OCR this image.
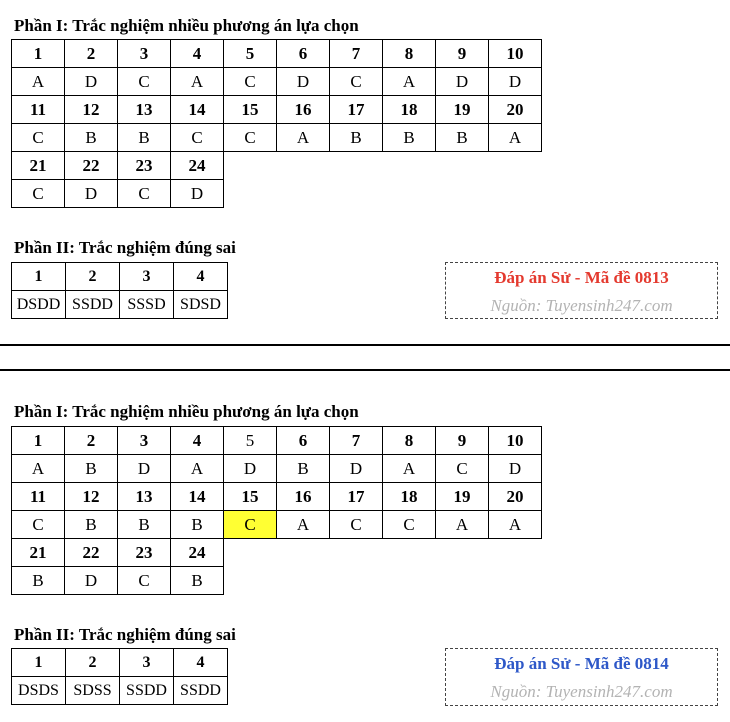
Phần I: Trắc nghiệm nhiều phương án lựa chọn
1	2	3	4	5	6	7	8	9	10
A	D	C	A	C	D	C	A	D	D
11	12	13	14	15	16	17	18	19	20
C	B	B	C	C	A	B	B	B	A
21	22	23	24						
C	D	C	D						
Phần II: Trắc nghiệm đúng sai
1	2	3	4
DSDD	SSDD	SSSD	SDSD
Đáp án Sử - Mã đề 0813
Nguồn: Tuyensinh247.com
Phần I: Trắc nghiệm nhiều phương án lựa chọn
1	2	3	4	5	6	7	8	9	10
A	B	D	A	D	B	D	A	C	D
11	12	13	14	15	16	17	18	19	20
C	B	B	B	C	A	C	C	A	A
21	22	23	24						
B	D	C	B						
Phần II: Trắc nghiệm đúng sai
1	2	3	4
DSDS	SDSS	SSDD	SSDD
Đáp án Sử - Mã đề 0814
Nguồn: Tuyensinh247.com
